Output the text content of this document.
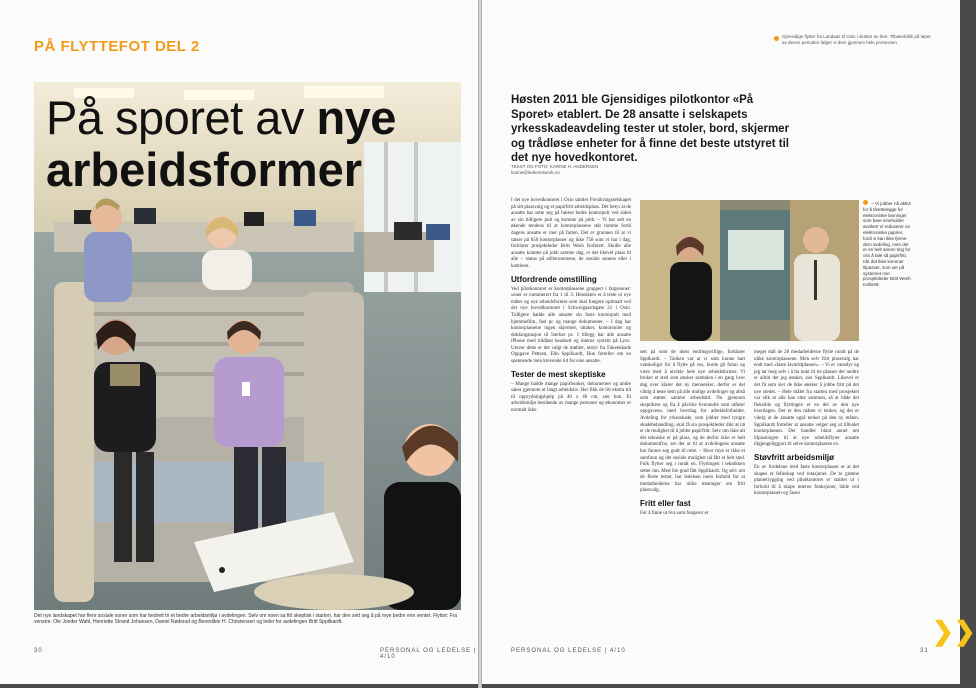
PÅ FLYTTEFOT DEL 2
På sporet av nye
arbeidsformer
Det nye landskapet har flere sosiale soner som har bedrett tri et bedre arbeidsmiljø i avdelingen. Selv om noen sa fitt skeptisk i starten, har den sett seg å på mye bedre enn ventet. Flyttet: Fra venstre: Ole Jonder Wahl, Henriette Strand Johansen, Daniel Rødsrud og Benedikte H. Christensen og leder for avdelingen Britt Sppilkardt.
30	PERSONAL OG LEDELSE | 4/10
Gjensidige flytter fra Landaas til Oslo i slutten av året. Tilbakeblikk på løpet av denne perioden følger vi dem gjennom hele prosessen.
Høsten 2011 ble Gjensidiges pilotkontor «På Sporet» etablert. De 28 ansatte i selskapets yrkesskadeavdeling tester ut stoler, bord, skjermer og trådløse enheter for å finne det beste utstyret til det nye hovedkontoret.
TEKST OG FOTO: KARINE H. ANDERSEN
karine@ledernetwork.no
I det nye hovedkontoret i Oslo samler Forsikringsselskapet på sitt plassvalg og et papirfritt arbeidsplass. Det betyr at de ansatte har sette seg på høiere bedre kontorpult ved siden av sin tidligere pult og komme på jobb. – Vi har sett en økende tendens til at kontorplassene står tomme fordi dagens ansatte er mer på farten. Det er grunnen til at vi satser på 650 kontorplasser og ikke 758 som vi har i dag, forklarer prosjektleder Britt Wesh Kolbrett. Skulle alle ansatte komme på jobb samme dag, er det likevel plass til alle – status på stillerommene, de sosiale sonene eller i kantinen.
Utfordrende omstilling
Ved pilotkontoret er kontorplassene gruppert i fargesoner: soner er nummerert fra 1 til 3. Hensikten er å teste ut nye måter og nye arbeidsformer som skal fungere optimalt ved det nye hovedkontoret i Schweigaardsgate 21 i Oslo. Tidligere hadde alle ansatte sin faste kontorpult med hjemmefilm, fast pc og mange dokumenter. – I dag har kontorplassene ingen skjermer, uttaker, kontorstoler og dokkingstasjon til bærbar pc. I tillegg har alle ansatte iPhone med trådløst headsett og interne system på Lync. Utover dette er det valgt de møbler, utstyr fra Fakeenkade Oppgave Pettsen, Elin Sppilkardt, Hun forteller om en spennende men krevende tid for sine ansatte.
Tester de mest skeptiske
– Mange hadde mange papirbunker, dokumenter og andre saker gjennom et langt arbeidsliv. Her fikk de litt ekstra tid til opprydningshjelp på 40 x 40 cm, sier hun. Et arbeidsmiljø bestående av mange personer og økonomer er normalt ikke
– Vi jobber nå aktivt for å tilrettelegge for elektroniske løsninger som bare inneholder avviket! Vi reduserer av elektroniske papirer, fordi vi kan ikke fjerne dem avdeling, men det er en helt annen ting for oss å tale så papirfritt, når det ikke kommer tilpasset, som ser på systemet mer prosjektleder Britt Wesh Kolbrett.
sett på som de mest endringsvillige, forklarer Spplkardt. – Tanken var at vi som kunne hatt vanskeligst for å flytte på oss, burde gå foran og være med å utvikle hele nye arbeidsformer. Vi bruker et sted som ønsker samtalen i en gang hver dag over klarer det ny mennesker, derfor er det viktig å teste dem på alle mulige avdelinger og altså som støtter samme arbeidstid. Nu gjennom skeptikere og fra å påvirke hverandre som utfører oppgavene, med hverdag for arbeidsforholdet. Avdeling for yrkesskade, som jobber med tyngre skadebehandling, skal få sin prosjektleder dikt at nå er de mulighet til å jobbe papirfritt. Selv om ikke alt det tekniske er på plass, og de derfor ikke er helt dokumentfrie, ser det ut til at avdelingens ansatte har funnet seg godt til rette. – Hvor mye er ikke et samfunn og det sosiale mulighet nå fått et helt sted. Folk flytter seg i rundt en. Flyttingen i teknikken setter inn. Med lite grad fått Sppilkardt. Og selv om de fleste tester, har ledelsen noen forhold for at medarbeiderne har ulike meninger om fritt plassvalg.
Fritt eller fast
For å finne ut hva som fungerer er
meget mål de 28 medarbeiderne flytte rundt på de ulike kontorplassene. Men selv fritt plassvalg har endt med «faste favorittplasser». – Vi er vanedyr og jeg tar meg selv i å ha nukt til tre plasser der nedtre er alltid det jeg ønsker, sier Spplkardt. Likevel er det få som sier de ikke ønsker å jobbe fritt på det nye stedet. – Hele målet fra starten med prosjektet var slik at alle kan sitte sammen, så at både det fleksible og flyttingen er en del av den nye hverdagen. Det er den måten vi tenker, og det er viktig at de ansatte også tenker på den ny måten. Sppilkardt forteller at ansatte velger seg ut tilbudet kontorplassen. Der handler blant annet om tilpasningen til at nye arbeidsflyter ansatte tilgjengeliggjort til selve kontorplassen ev.
Støvfritt arbeidsmiljø
En av fordelene med faste kontorplasser er at det skapes et felleskap ved rotasjoner. De to grønne plantetrygging ved pilotkontoret er stablet ut i forhold til å skape interne funksjoner, både ved kontorplassen og fasen
❯❯
PERSONAL OG LEDELSE | 4/10	31
